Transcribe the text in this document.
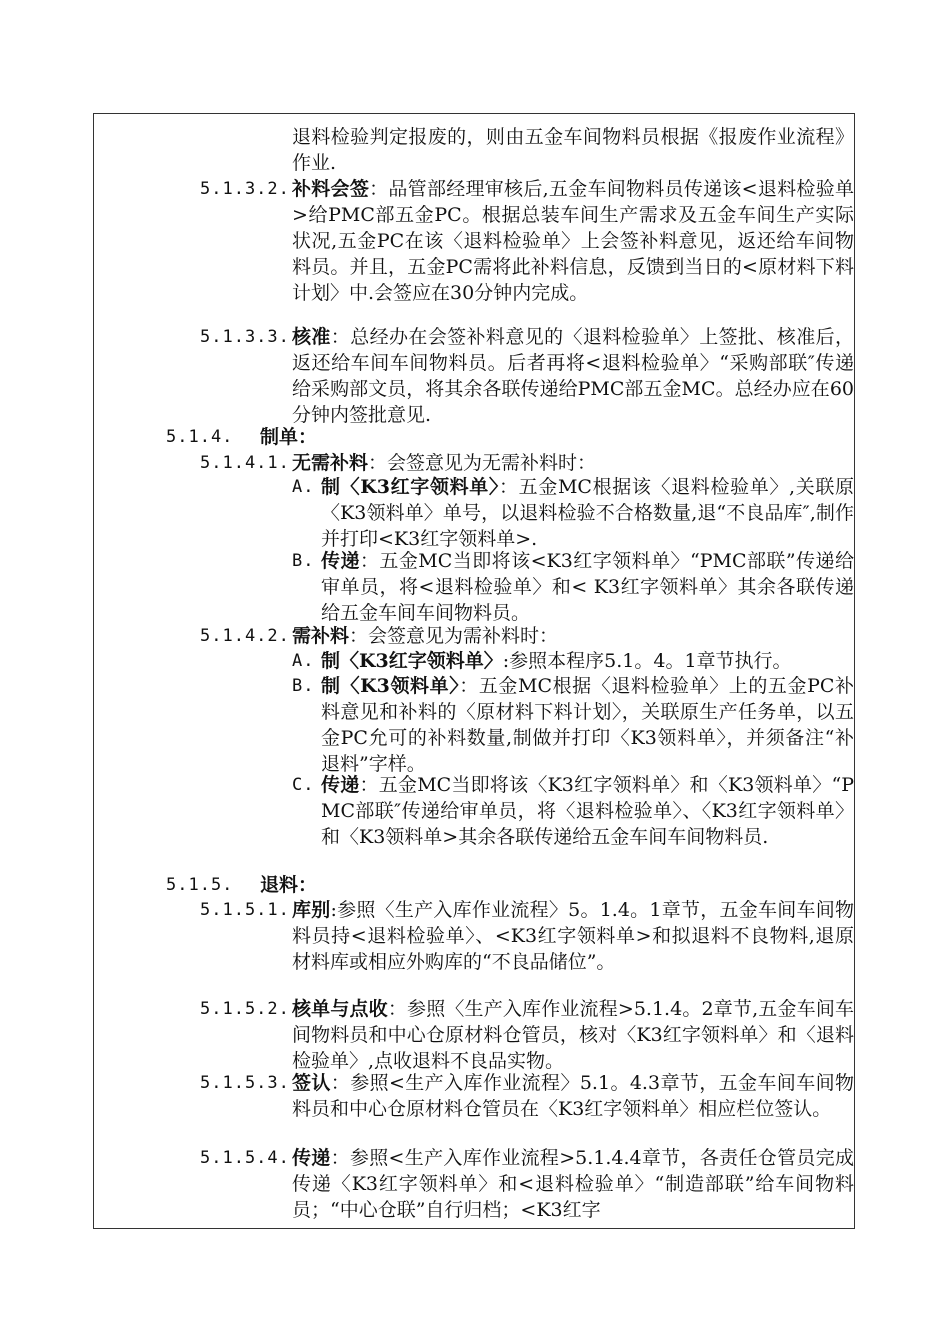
退料检验判定报废的，则由五金车间物料员根据《报废作业流程》作业.
5.1.3.2. 补料会签：品管部经理审核后,五金车间物料员传递该<退料检验单>给PMC部五金PC。根据总装车间生产需求及五金车间生产实际状况,五金PC在该〈退料检验单〉上会签补料意见，返还给车间物料员。并且，五金PC需将此补料信息，反馈到当日的<原材料下料计划〉中.会签应在30分钟内完成。
5.1.3.3. 核准：总经办在会签补料意见的〈退料检验单〉上签批、核准后，返还给车间车间物料员。后者再将<退料检验单〉“采购部联″传递给采购部文员，将其余各联传递给PMC部五金MC。总经办应在60分钟内签批意见.
5.1.4. 制单：
5.1.4.1. 无需补料：会签意见为无需补料时：
A. 制〈K3红字领料单〉：五金MC根据该〈退料检验单〉,关联原〈K3领料单〉单号，以退料检验不合格数量,退“不良品库″,制作并打印<K3红字领料单>.
B. 传递：五金MC当即将该<K3红字领料单〉“PMC部联”传递给审单员，将<退料检验单〉和< K3红字领料单〉其余各联传递给五金车间车间物料员。
5.1.4.2. 需补料：会签意见为需补料时：
A. 制〈K3红字领料单〉:参照本程序5.1。4。1章节执行。
B. 制〈K3领料单〉：五金MC根据〈退料检验单〉上的五金PC补料意见和补料的〈原材料下料计划〉，关联原生产任务单，以五金PC允可的补料数量,制做并打印〈K3领料单〉，并须备注“补退料”字样。
C. 传递：五金MC当即将该〈K3红字领料单〉和〈K3领料单〉“PMC部联″传递给审单员，将〈退料检验单〉、〈K3红字领料单〉和〈K3领料单>其余各联传递给五金车间车间物料员.
5.1.5. 退料：
5.1.5.1. 库别:参照〈生产入库作业流程〉5。1.4。1章节，五金车间车间物料员持<退料检验单〉、<K3红字领料单>和拟退料不良物料,退原材料库或相应外购库的“不良品储位”。
5.1.5.2. 核单与点收：参照〈生产入库作业流程>5.1.4。2章节,五金车间车间物料员和中心仓原材料仓管员，核对〈K3红字领料单〉和〈退料检验单〉,点收退料不良品实物。
5.1.5.3. 签认：参照<生产入库作业流程〉5.1。4.3章节，五金车间车间物料员和中心仓原材料仓管员在〈K3红字领料单〉相应栏位签认。
5.1.5.4. 传递：参照<生产入库作业流程>5.1.4.4章节，各责任仓管员完成传递〈K3红字领料单〉和<退料检验单〉“制造部联”给车间物料员；“中心仓联”自行归档；<K3红字
